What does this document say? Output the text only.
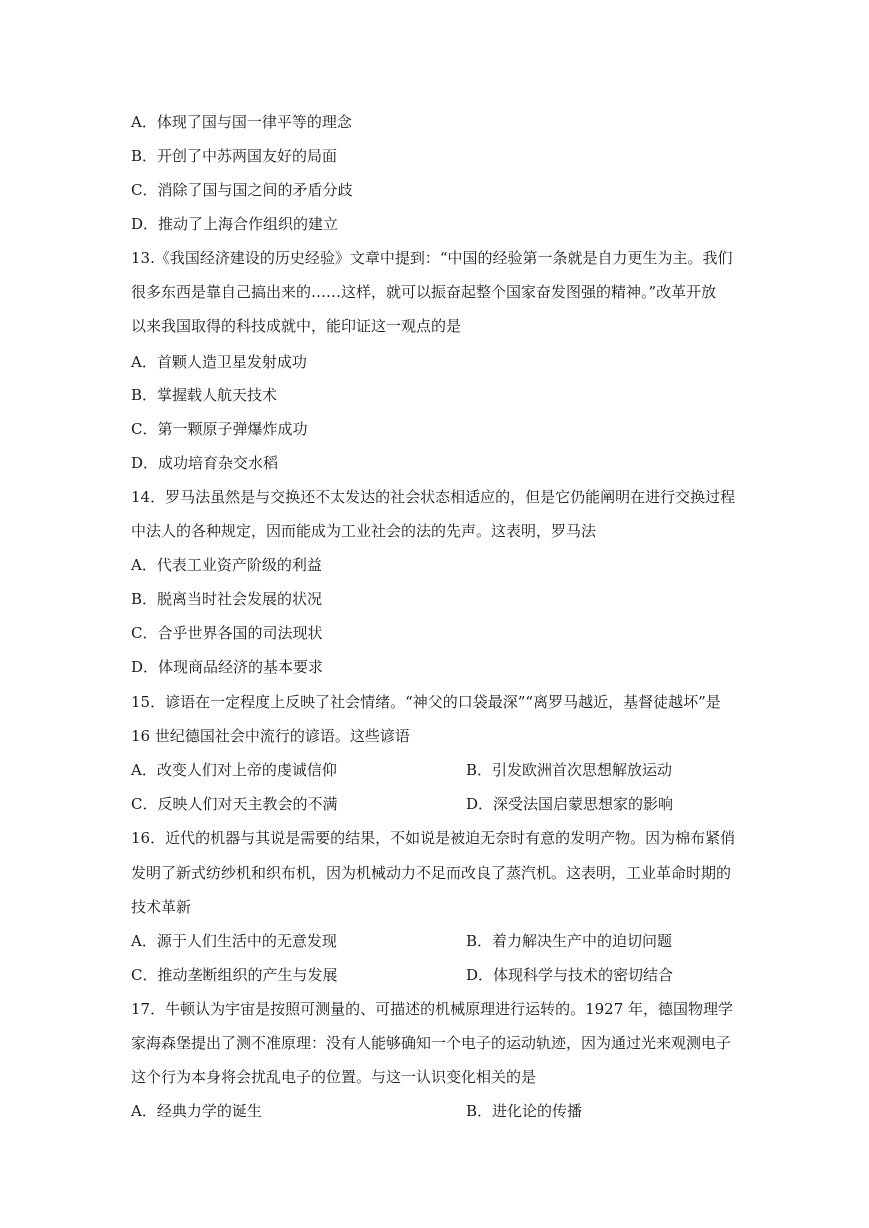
A．体现了国与国一律平等的理念
B．开创了中苏两国友好的局面
C．消除了国与国之间的矛盾分歧
D．推动了上海合作组织的建立
13.《我国经济建设的历史经验》文章中提到：“中国的经验第一条就是自力更生为主。我们
很多东西是靠自己搞出来的……这样，就可以振奋起整个国家奋发图强的精神。”改革开放
以来我国取得的科技成就中，能印证这一观点的是
A．首颗人造卫星发射成功
B．掌握载人航天技术
C．第一颗原子弹爆炸成功
D．成功培育杂交水稻
14．罗马法虽然是与交换还不太发达的社会状态相适应的，但是它仍能阐明在进行交换过程
中法人的各种规定，因而能成为工业社会的法的先声。这表明，罗马法
A．代表工业资产阶级的利益
B．脱离当时社会发展的状况
C．合乎世界各国的司法现状
D．体现商品经济的基本要求
15．谚语在一定程度上反映了社会情绪。“神父的口袋最深”“离罗马越近，基督徒越坏”是
16 世纪德国社会中流行的谚语。这些谚语
A．改变人们对上帝的虔诚信仰	B．引发欧洲首次思想解放运动
C．反映人们对天主教会的不满	D．深受法国启蒙思想家的影响
16．近代的机器与其说是需要的结果，不如说是被迫无奈时有意的发明产物。因为棉布紧俏
发明了新式纺纱机和织布机，因为机械动力不足而改良了蒸汽机。这表明，工业革命时期的
技术革新
A．源于人们生活中的无意发现	B．着力解决生产中的迫切问题
C．推动垄断组织的产生与发展	D．体现科学与技术的密切结合
17．牛顿认为宇宙是按照可测量的、可描述的机械原理进行运转的。1927 年，德国物理学
家海森堡提出了测不准原理：没有人能够确知一个电子的运动轨迹，因为通过光来观测电子
这个行为本身将会扰乱电子的位置。与这一认识变化相关的是
A．经典力学的诞生	B．进化论的传播
